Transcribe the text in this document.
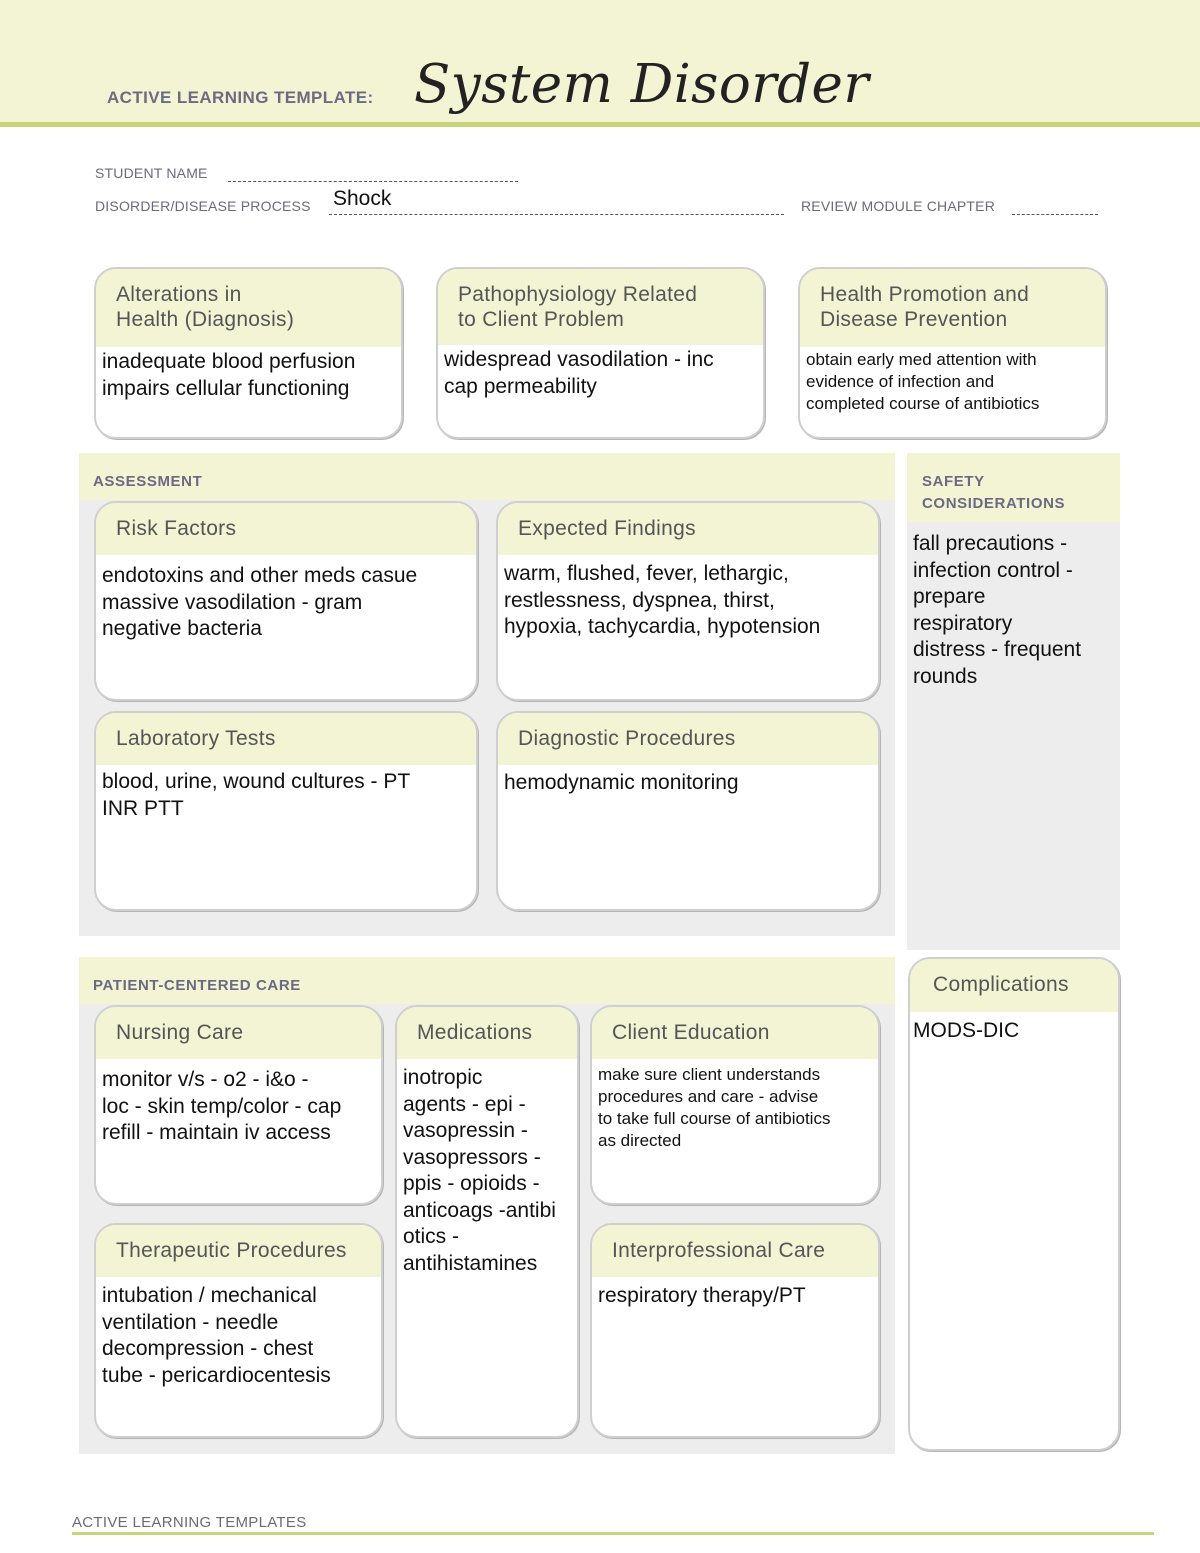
ACTIVE LEARNING TEMPLATE: System Disorder
STUDENT NAME
DISORDER/DISEASE PROCESS Shock	REVIEW MODULE CHAPTER
Alterations in
Health (Diagnosis)
inadequate blood perfusion
impairs cellular functioning
Pathophysiology Related
to Client Problem
widespread vasodilation - inc
cap permeability
Health Promotion and
Disease Prevention
obtain early med attention with
evidence of infection and
completed course of antibiotics
ASSESSMENT
Risk Factors
endotoxins and other meds casue
massive vasodilation - gram
negative bacteria
Expected Findings
warm, flushed, fever, lethargic,
restlessness, dyspnea, thirst,
hypoxia, tachycardia, hypotension
Laboratory Tests
blood, urine, wound cultures - PT
INR PTT
Diagnostic Procedures
hemodynamic monitoring
SAFETY
CONSIDERATIONS
fall precautions -
infection control -
prepare
respiratory
distress - frequent
rounds
Complications
MODS-DIC
PATIENT-CENTERED CARE
Nursing Care
monitor v/s - o2 - i&o -
loc - skin temp/color - cap
refill - maintain iv access
Medications
inotropic
agents - epi -
vasopressin -
vasopressors -
ppis - opioids -
anticoags -antibi
otics -
antihistamines
Client Education
make sure client understands
procedures and care - advise
to take full course of antibiotics
as directed
Therapeutic Procedures
intubation / mechanical
ventilation - needle
decompression - chest
tube - pericardiocentesis
Interprofessional Care
respiratory therapy/PT
ACTIVE LEARNING TEMPLATES
